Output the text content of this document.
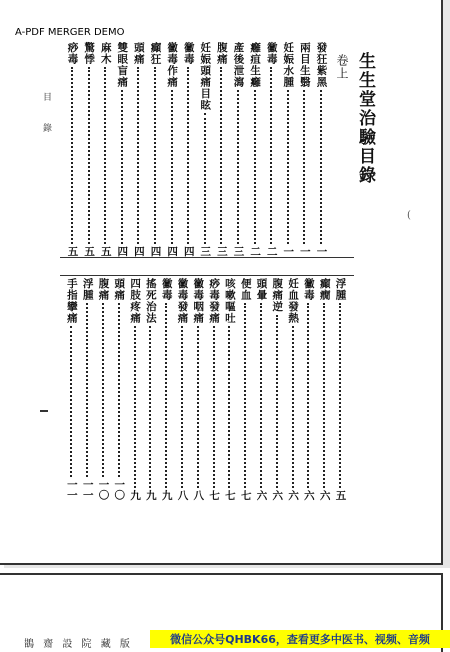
A-PDF MERGER DEMO
生生堂治驗目錄
卷上
目
錄
(
發狂紫黑
一
兩目生翳
一
妊娠水腫
一
黴毒
二
癰疽生癰
二
產後泄瀉
三
腹痛
三
妊娠頭痛目眩
三
黴毒
四
黴毒作痛
四
癲狂
四
頭痛
四
雙眼盲痛
四
麻木
五
驚悸
五
痧毒
五
浮腫
五
癲癇
六
黴毒
六
妊血發熱
六
腹痛逆
六
頭暈
六
便血
七
咳嗽嘔吐
七
痧毒發痛
七
黴毒咽痛
八
黴毒發痛
八
黴毒
九
搖死治法
九
四肢疼痛
九
頭痛
一〇
腹痛
一〇
浮腫
一一
手指攣痛
一一
鵲 齋 設 院 藏 版	微信公众号QHBK66，查看更多中医书、视频、音频
